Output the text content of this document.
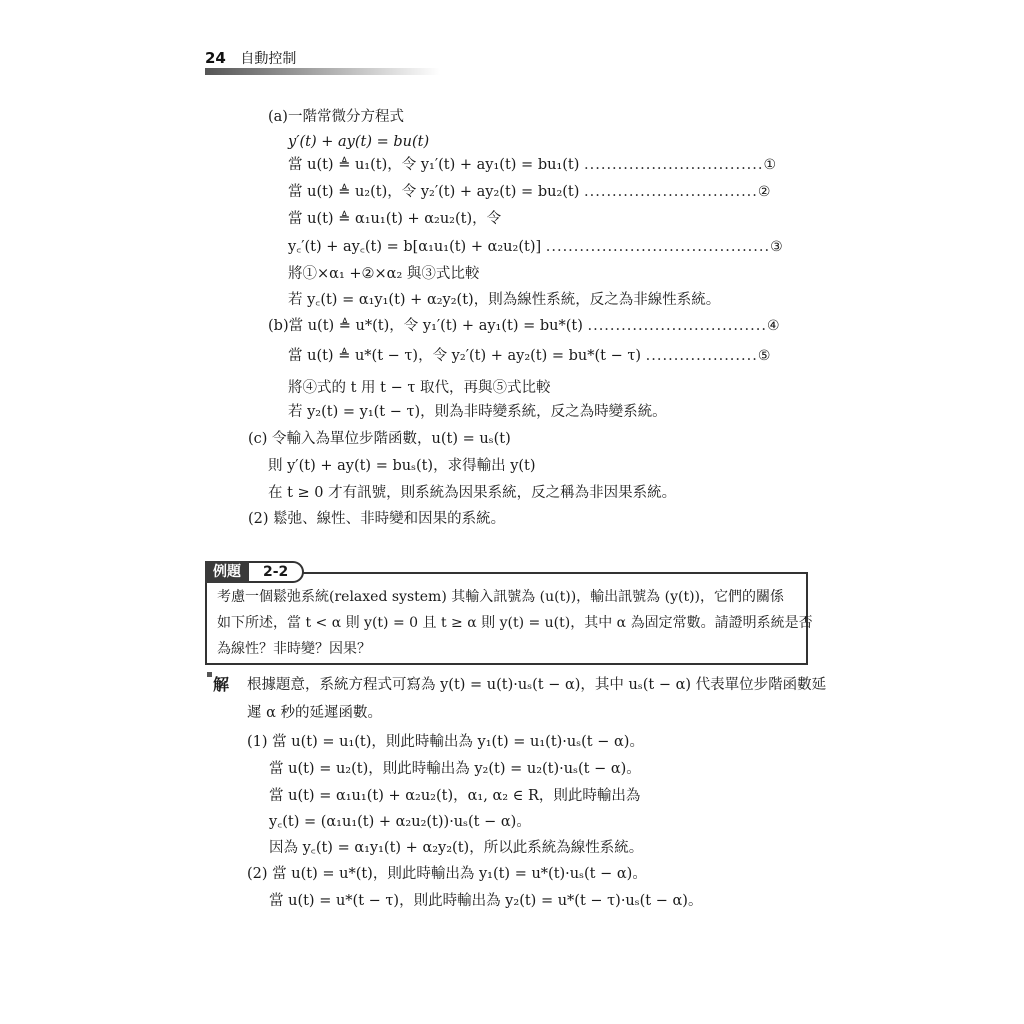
24 自動控制
(a)一階常微分方程式
y′(t) + ay(t) = bu(t)
當 u(t) ≜ u₁(t)，令 y₁′(t) + ay₁(t) = bu₁(t) ................................①
當 u(t) ≜ u₂(t)，令 y₂′(t) + ay₂(t) = bu₂(t) ...............................②
當 u(t) ≜ α₁u₁(t) + α₂u₂(t)，令
y꜀′(t) + ay꜀(t) = b[α₁u₁(t) + α₂u₂(t)] ........................................③
將①×α₁ +②×α₂ 與③式比較
若 y꜀(t) = α₁y₁(t) + α₂y₂(t)，則為線性系統，反之為非線性系統。
(b)當 u(t) ≜ u*(t)，令 y₁′(t) + ay₁(t) = bu*(t) ................................④
當 u(t) ≜ u*(t − τ)，令 y₂′(t) + ay₂(t) = bu*(t − τ) ....................⑤
將④式的 t 用 t − τ 取代，再與⑤式比較
若 y₂(t) = y₁(t − τ)，則為非時變系統，反之為時變系統。
(c) 令輸入為單位步階函數，u(t) = uₛ(t)
則 y′(t) + ay(t) = buₛ(t)，求得輸出 y(t)
在 t ≥ 0 才有訊號，則系統為因果系統，反之稱為非因果系統。
(2) 鬆弛、線性、非時變和因果的系統。
考慮一個鬆弛系統(relaxed system) 其輸入訊號為 (u(t))，輸出訊號為 (y(t))，它們的關係
如下所述，當 t < α 則 y(t) = 0 且 t ≥ α 則 y(t) = u(t)，其中 α 為固定常數。請證明系統是否
為線性？非時變？因果？
例題	2-2
解 根據題意，系統方程式可寫為 y(t) = u(t)·uₛ(t − α)，其中 uₛ(t − α) 代表單位步階函數延
遲 α 秒的延遲函數。
(1) 當 u(t) = u₁(t)，則此時輸出為 y₁(t) = u₁(t)·uₛ(t − α)。
當 u(t) = u₂(t)，則此時輸出為 y₂(t) = u₂(t)·uₛ(t − α)。
當 u(t) = α₁u₁(t) + α₂u₂(t)，α₁, α₂ ∈ R，則此時輸出為
y꜀(t) = (α₁u₁(t) + α₂u₂(t))·uₛ(t − α)。
因為 y꜀(t) = α₁y₁(t) + α₂y₂(t)，所以此系統為線性系統。
(2) 當 u(t) = u*(t)，則此時輸出為 y₁(t) = u*(t)·uₛ(t − α)。
當 u(t) = u*(t − τ)，則此時輸出為 y₂(t) = u*(t − τ)·uₛ(t − α)。
